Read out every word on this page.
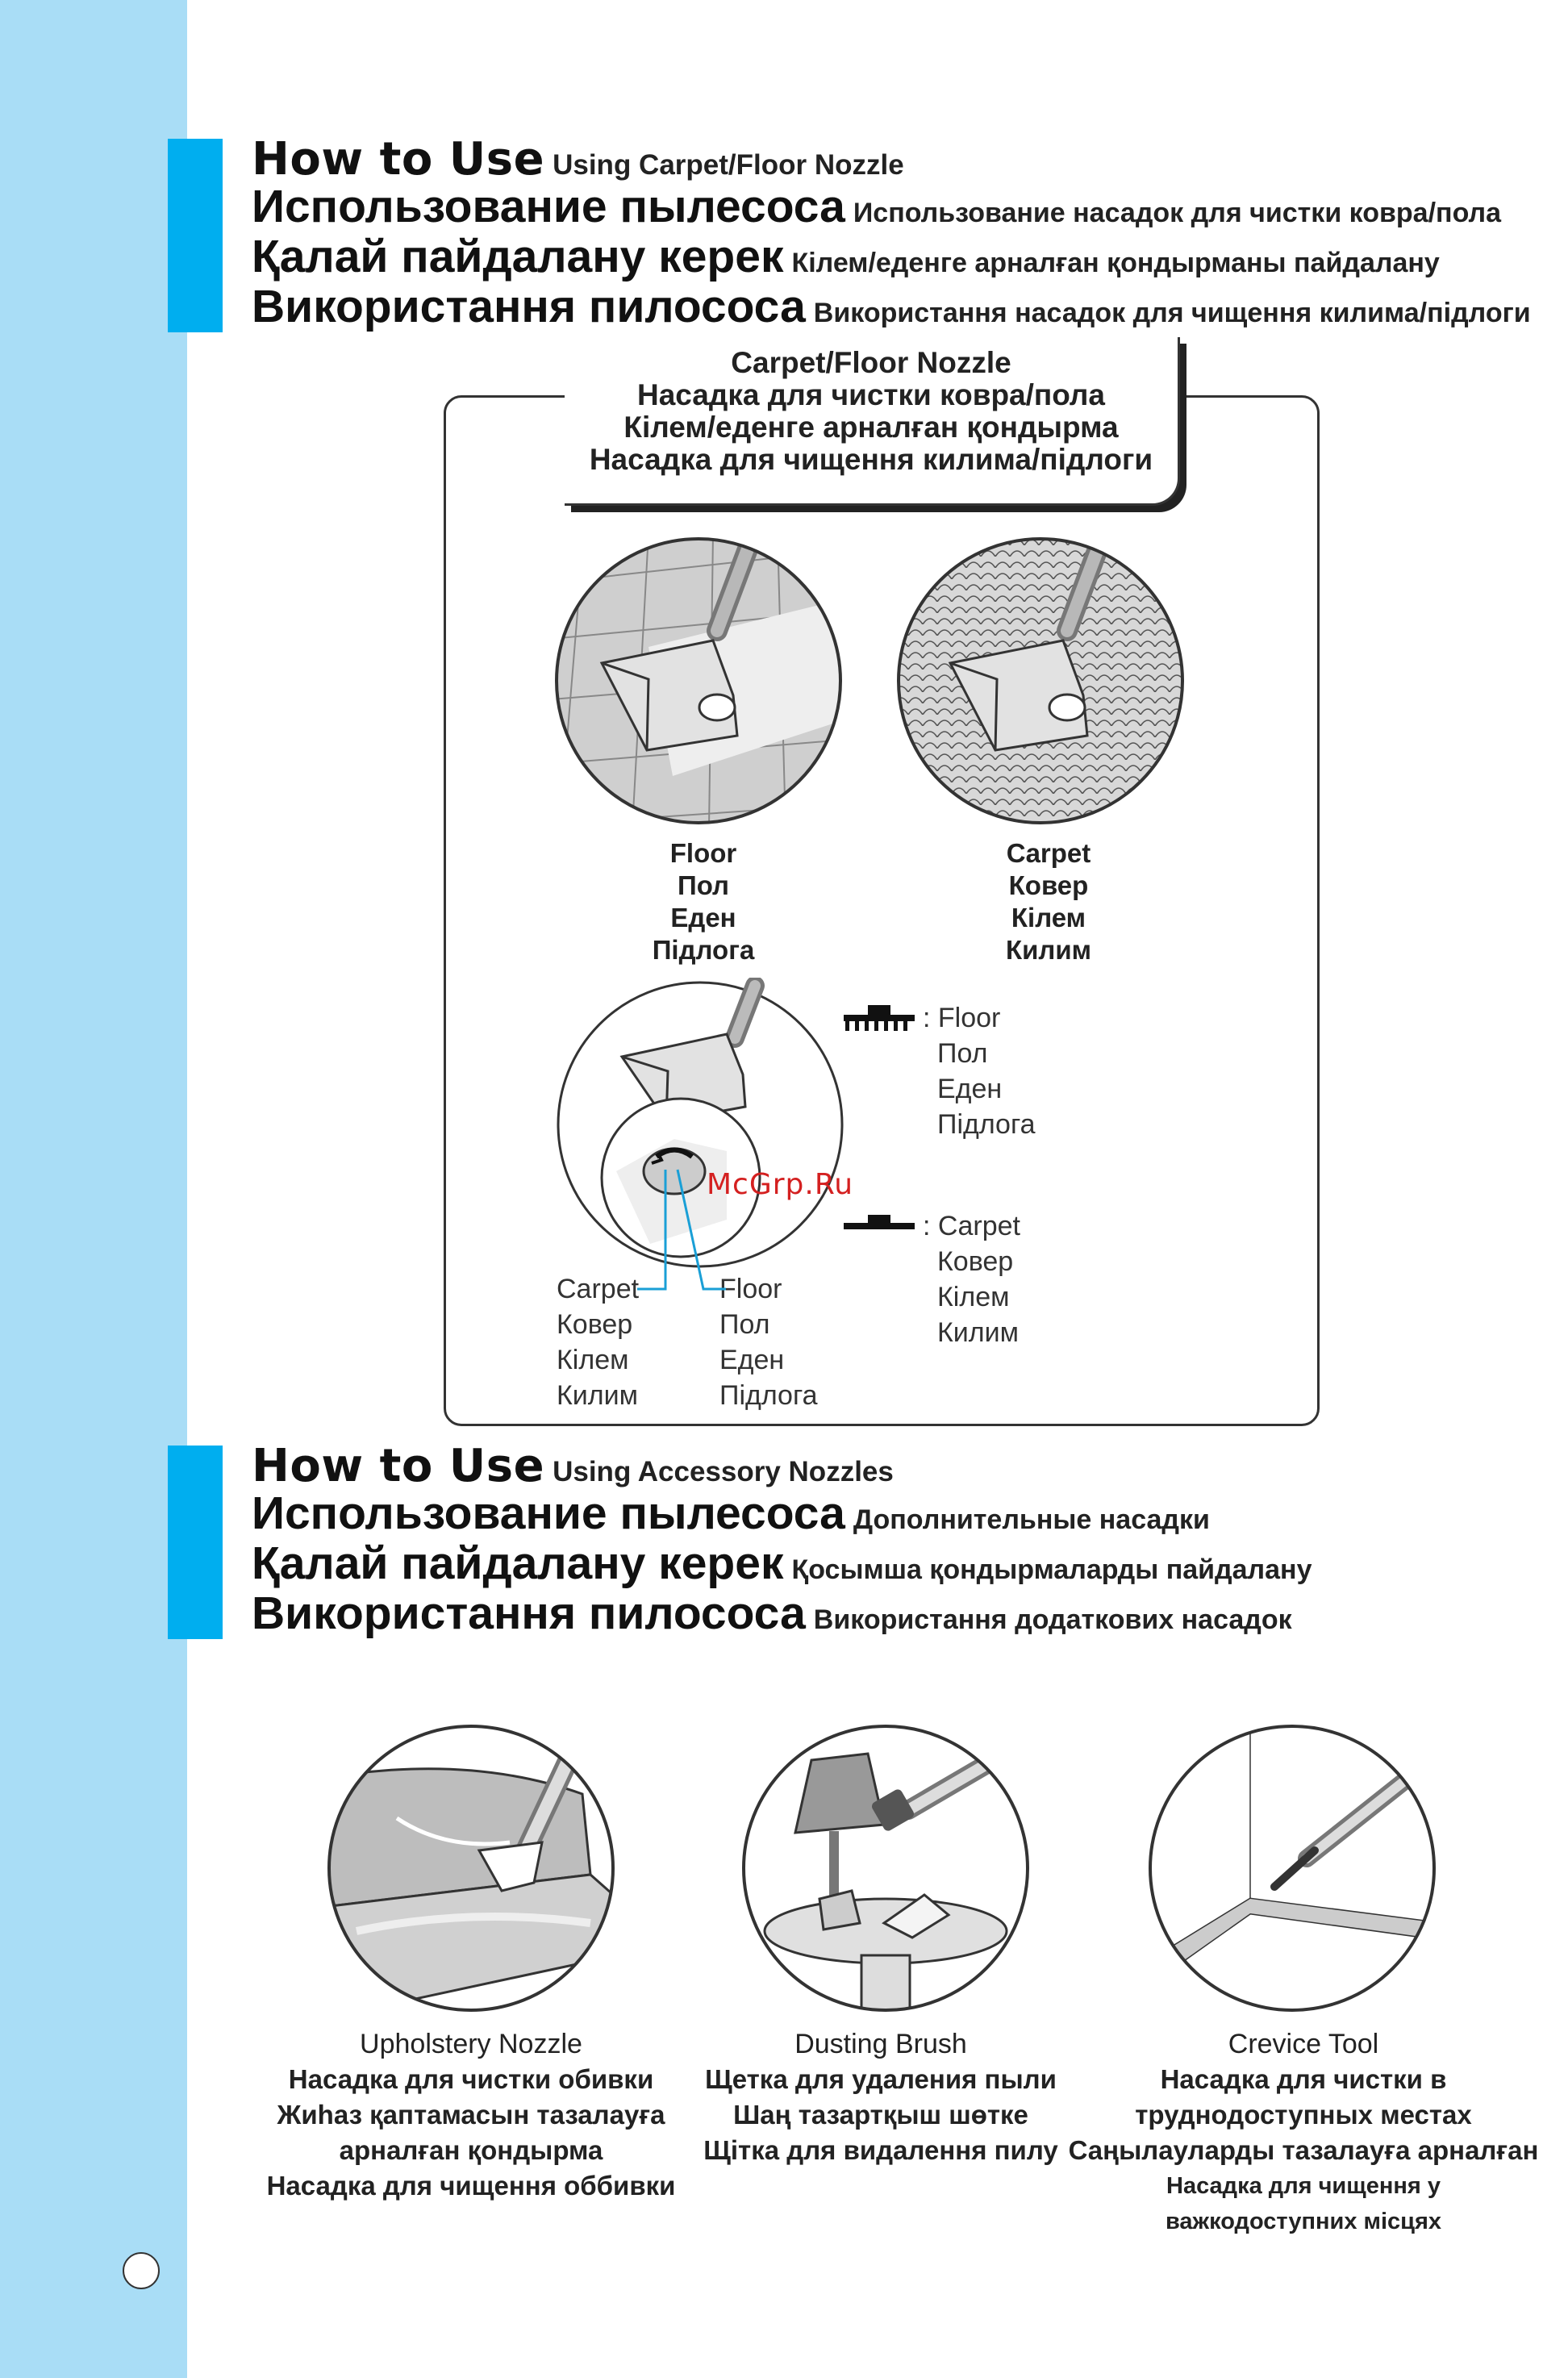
How to Use Using Carpet/Floor Nozzle
Использование пылесоса Использование насадок для чистки ковра/пола
Қалай пайдалану керек Кілем/еденге арналған қондырманы пайдалану
Використання пилососа Використання насадок для чищення килима/підлоги
Carpet/Floor Nozzle
Насадка для чистки ковра/пола
Кілем/еденге арналған қондырма
Насадка для чищення килима/підлоги
Floor
Пол
Еден
Підлога
Carpet
Ковер
Кілем
Килим
Carpet
Ковер
Кілем
Килим
Floor
Пол
Еден
Підлога
: Floor
Пол
Еден
Підлога
: Carpet
Ковер
Кілем
Килим
McGrp.Ru
How to Use Using Accessory Nozzles
Использование пылесоса Дополнительные насадки
Қалай пайдалану керек Қосымша қондырмаларды пайдалану
Використання пилососа Використання додаткових насадок
Upholstery Nozzle
Насадка для чистки обивки
Жиһаз қаптамасын тазалауға
арналған қондырма
Насадка для чищення оббивки
Dusting Brush
Щетка для удаления пыли
Шаң тазартқыш шөтке
Щітка для видалення пилу
Crevice Tool
Насадка для чистки в
труднодоступных местах
Саңылауларды тазалауға арналған
Насадка для чищення у важкодоступних місцях
